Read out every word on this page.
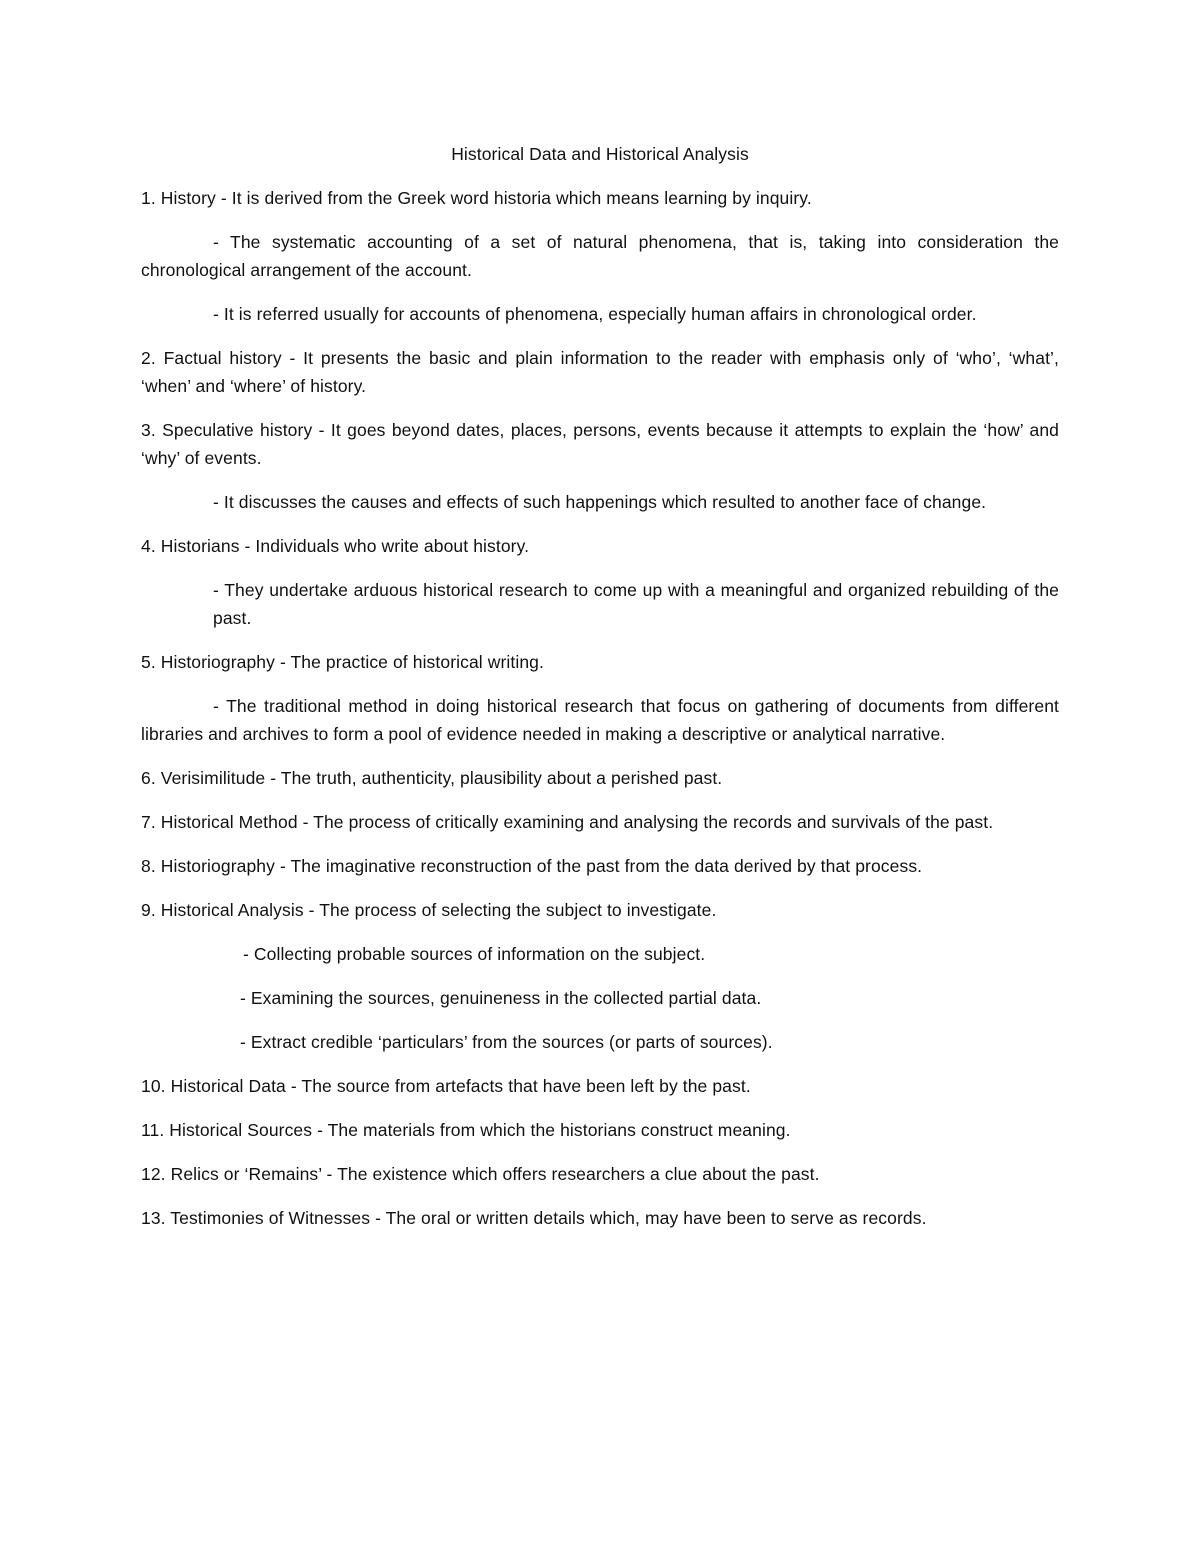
Historical Data and Historical Analysis
1. History - It is derived from the Greek word historia which means learning by inquiry.
- The systematic accounting of a set of natural phenomena, that is, taking into consideration the chronological arrangement of the account.
- It is referred usually for accounts of phenomena, especially human affairs in chronological order.
2. Factual history - It presents the basic and plain information to the reader with emphasis only of ‘who’, ‘what’, ‘when’ and ‘where’ of history.
3. Speculative history - It goes beyond dates, places, persons, events because it attempts to explain the ‘how’ and ‘why’ of events.
- It discusses the causes and effects of such happenings which resulted to another face of change.
4. Historians - Individuals who write about history.
- They undertake arduous historical research to come up with a meaningful and organized rebuilding of the past.
5. Historiography - The practice of historical writing.
- The traditional method in doing historical research that focus on gathering of documents from different libraries and archives to form a pool of evidence needed in making a descriptive or analytical narrative.
6. Verisimilitude - The truth, authenticity, plausibility about a perished past.
7. Historical Method - The process of critically examining and analysing the records and survivals of the past.
8. Historiography - The imaginative reconstruction of the past from the data derived by that process.
9. Historical Analysis - The process of selecting the subject to investigate.
- Collecting probable sources of information on the subject.
- Examining the sources, genuineness in the collected partial data.
- Extract credible ‘particulars’ from the sources (or parts of sources).
10. Historical Data - The source from artefacts that have been left by the past.
11. Historical Sources - The materials from which the historians construct meaning.
12. Relics or ‘Remains’ - The existence which offers researchers a clue about the past.
13. Testimonies of Witnesses - The oral or written details which, may have been to serve as records.
